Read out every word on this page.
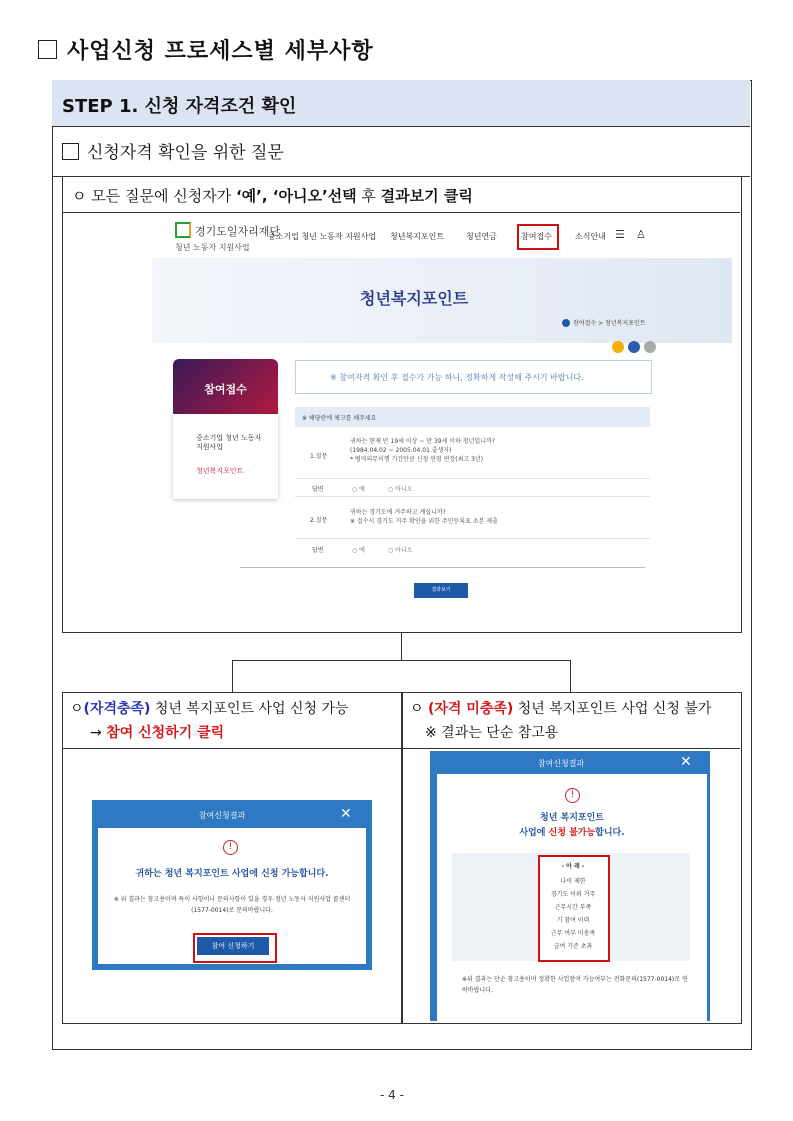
사업신청 프로세스별 세부사항
STEP 1. 신청 자격조건 확인
신청자격 확인을 위한 질문
ㅇ 모든 질문에 신청자가 ‘예’, ‘아니오’선택 후 결과보기 클릭
경기도일자리재단
청년 노동자 지원사업
중소기업 청년 노동자 지원사업 청년복지포인트	청년연금	참여접수	소식안내 ☰ ♙
청년복지포인트
참여접수 > 청년복지포인트
참여접수
중소기업 청년 노동자 지원사업
청년복지포인트
※ 참여자격 확인 후 접수가 가능 하니, 정확하게 작성해 주시기 바랍니다.
※ 해당란에 체크를 해주세요
1.질문
귀하는 현재 만 19세 이상 ~ 만 39세 이하 청년입니까?
(1984.04.02 ~ 2005.04.01 출생자)
* 병역의무이행 기간만큼 신청 연령 연장(최고 3년)
답변	○ 예	○ 아니오
2.질문
귀하는 경기도에 거주하고 계십니까?
※ 접수시 경기도 거주 확인을 위한 주민등록표 초본 제출
답변	○ 예	○ 아니오
결과보기
ㅇ(자격충족) 청년 복지포인트 사업 신청 가능
→ 참여 신청하기 클릭
ㅇ (자격 미충족) 청년 복지포인트 사업 신청 불가
※ 결과는 단순 참고용
참여신청결과	✕
!
귀하는 청년 복지포인트 사업에 신청 가능합니다.
※ 위 결과는 참고용이며 특이 사항이나 문의사항이 있을 경우 청년 노동자 지원사업 콜센터(1577-0014)로 문의바랍니다.
참여 신청하기
참여신청결과	✕
!
청년 복지포인트
사업에 신청 불가능합니다.
- 아 래 -
나이 제한
경기도 이외 거주
근무시간 부족
기 참여 이력
근무 여부 미충족
급여 기준 초과
※위 결과는 단순 참고용이며 정확한 사업참여 가능여부는 전화문의(1577-0014)로 연락바랍니다.
- 4 -
